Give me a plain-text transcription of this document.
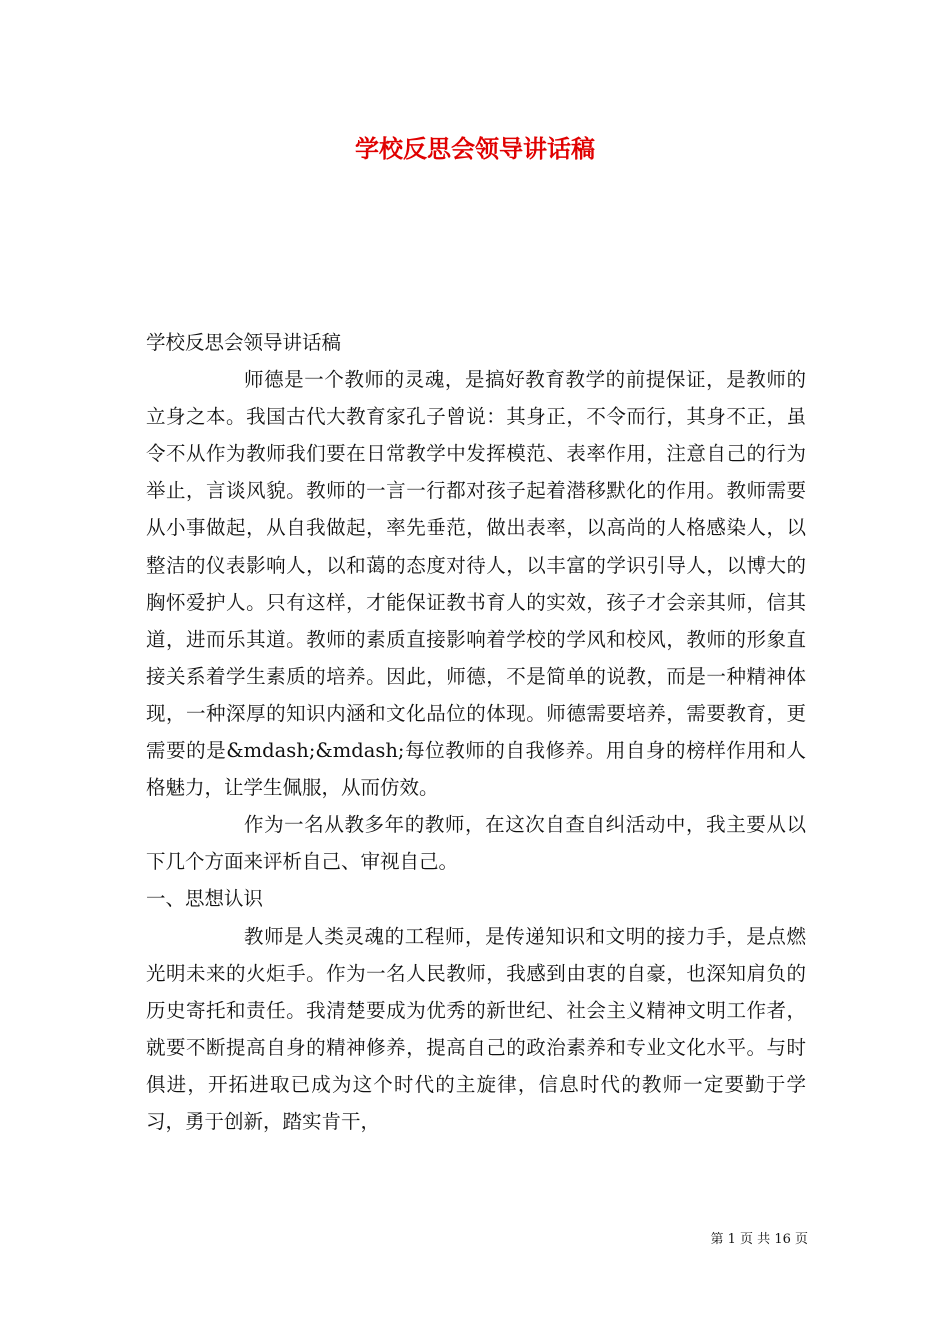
学校反思会领导讲话稿

学校反思会领导讲话稿

师德是一个教师的灵魂，是搞好教育教学的前提保证，是教师的立身之本。我国古代大教育家孔子曾说：其身正，不令而行，其身不正，虽令不从作为教师我们要在日常教学中发挥模范、表率作用，注意自己的行为举止，言谈风貌。教师的一言一行都对孩子起着潜移默化的作用。教师需要从小事做起，从自我做起，率先垂范，做出表率，以高尚的人格感染人，以整洁的仪表影响人，以和蔼的态度对待人，以丰富的学识引导人，以博大的胸怀爱护人。只有这样，才能保证教书育人的实效，孩子才会亲其师，信其道，进而乐其道。教师的素质直接影响着学校的学风和校风，教师的形象直接关系着学生素质的培养。因此，师德，不是简单的说教，而是一种精神体现，一种深厚的知识内涵和文化品位的体现。师德需要培养，需要教育，更需要的是&mdash;&mdash;每位教师的自我修养。用自身的榜样作用和人格魅力，让学生佩服，从而仿效。

作为一名从教多年的教师，在这次自查自纠活动中，我主要从以下几个方面来评析自己、审视自己。

一、思想认识

教师是人类灵魂的工程师，是传递知识和文明的接力手，是点燃光明未来的火炬手。作为一名人民教师，我感到由衷的自豪，也深知肩负的历史寄托和责任。我清楚要成为优秀的新世纪、社会主义精神文明工作者，就要不断提高自身的精神修养，提高自己的政治素养和专业文化水平。与时俱进，开拓进取已成为这个时代的主旋律，信息时代的教师一定要勤于学习，勇于创新，踏实肯干，

第 1 页 共 16 页
